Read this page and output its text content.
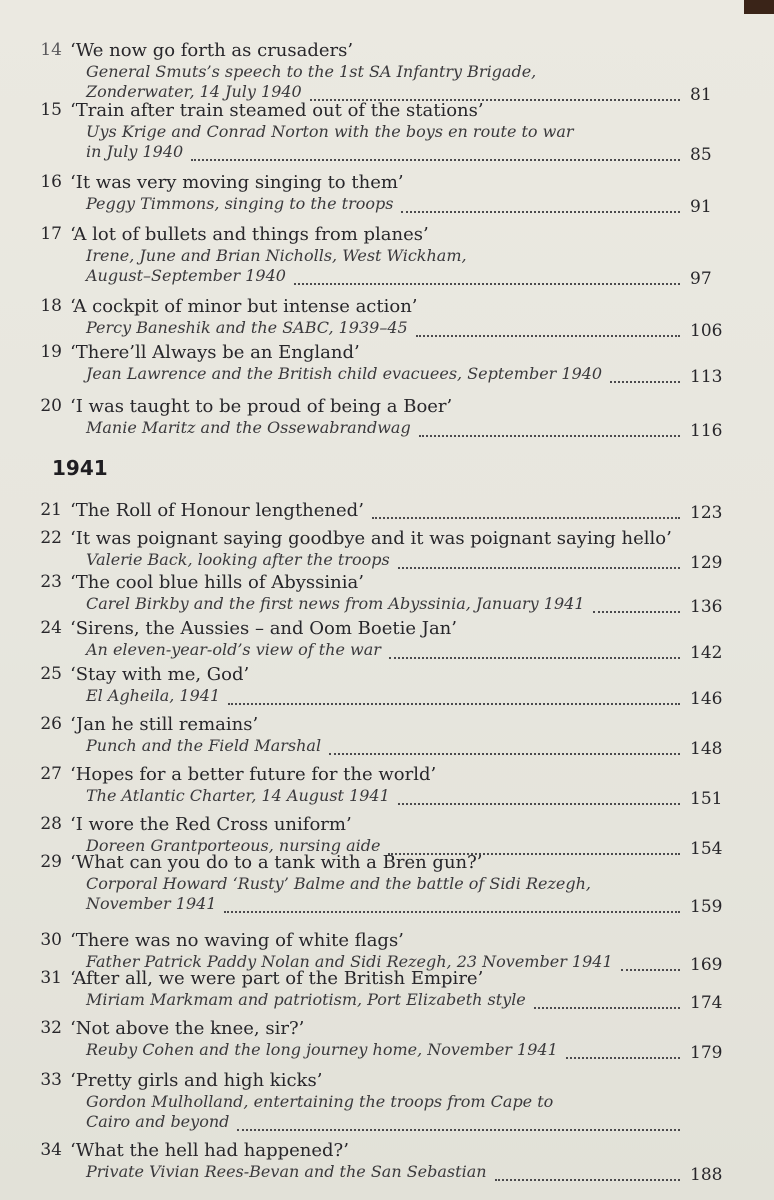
1941
14 ‘We now go forth as crusaders’
General Smuts’s speech to the 1st SA Infantry Brigade,
Zonderwater, 14 July 1940	81
15 ‘Train after train steamed out of the stations’
Uys Krige and Conrad Norton with the boys en route to war
in July 1940	85
16 ‘It was very moving singing to them’
Peggy Timmons, singing to the troops	91
17 ‘A lot of bullets and things from planes’
Irene, June and Brian Nicholls, West Wickham,
August–September 1940	97
18 ‘A cockpit of minor but intense action’
Percy Baneshik and the SABC, 1939–45	106
19 ‘There’ll Always be an England’
Jean Lawrence and the British child evacuees, September 1940	113
20 ‘I was taught to be proud of being a Boer’
Manie Maritz and the Ossewabrandwag	116
21 ‘The Roll of Honour lengthened’	123
22 ‘It was poignant saying goodbye and it was poignant saying hello’
Valerie Back, looking after the troops	129
23 ‘The cool blue hills of Abyssinia’
Carel Birkby and the first news from Abyssinia, January 1941	136
24 ‘Sirens, the Aussies – and Oom Boetie Jan’
An eleven-year-old’s view of the war	142
25 ‘Stay with me, God’
El Agheila, 1941	146
26 ‘Jan he still remains’
Punch and the Field Marshal	148
27 ‘Hopes for a better future for the world’
The Atlantic Charter, 14 August 1941	151
28 ‘I wore the Red Cross uniform’
Doreen Grantporteous, nursing aide	154
29 ‘What can you do to a tank with a Bren gun?’
Corporal Howard ‘Rusty’ Balme and the battle of Sidi Rezegh,
November 1941	159
30 ‘There was no waving of white flags’
Father Patrick Paddy Nolan and Sidi Rezegh, 23 November 1941	169
31 ‘After all, we were part of the British Empire’
Miriam Markmam and patriotism, Port Elizabeth style	174
32 ‘Not above the knee, sir?’
Reuby Cohen and the long journey home, November 1941	179
33 ‘Pretty girls and high kicks’
Gordon Mulholland, entertaining the troops from Cape to
Cairo and beyond
34 ‘What the hell had happened?’
Private Vivian Rees-Bevan and the San Sebastian	188
